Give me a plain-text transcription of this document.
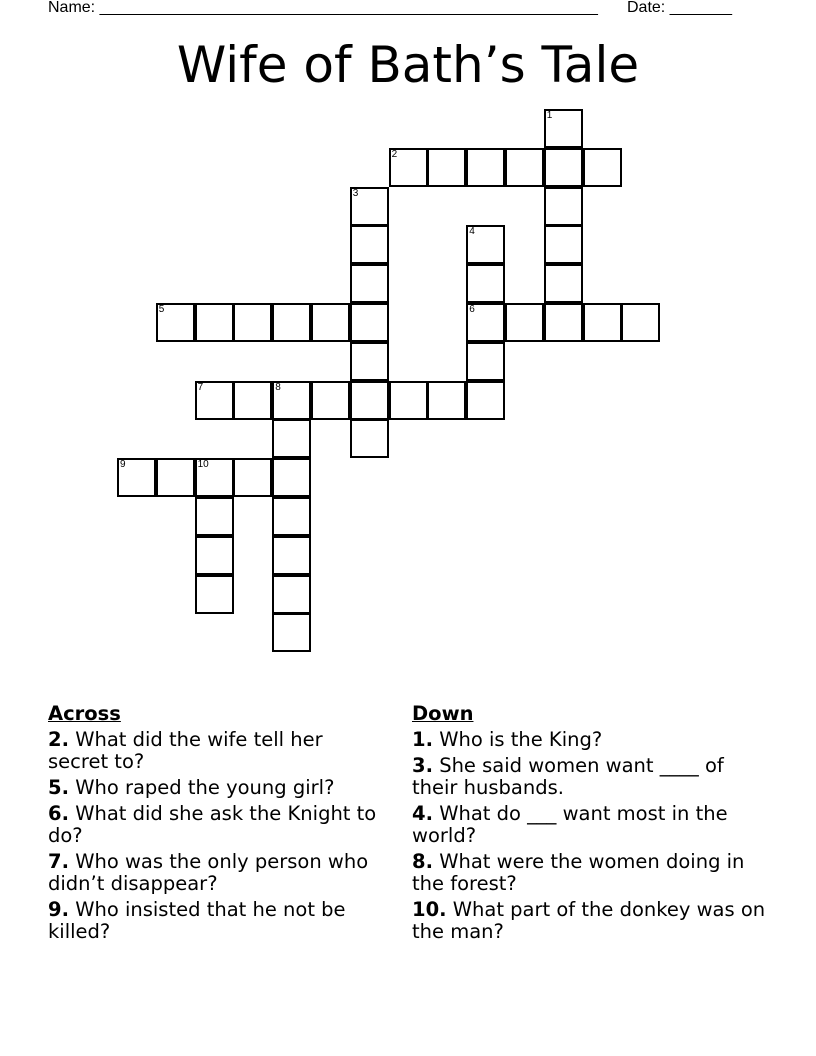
Name: ________________________________________________________ Date: _______
Wife of Bath’s Tale
1
2
3
4
6
5
7	8
9	10
Across
2. What did the wife tell her secret to?
5. Who raped the young girl?
6. What did she ask the Knight to do?
7. Who was the only person who didn’t disappear?
9. Who insisted that he not be killed?
Down
1. Who is the King?
3. She said women want ____ of their husbands.
4. What do ___ want most in the world?
8. What were the women doing in the forest?
10. What part of the donkey was on the man?
